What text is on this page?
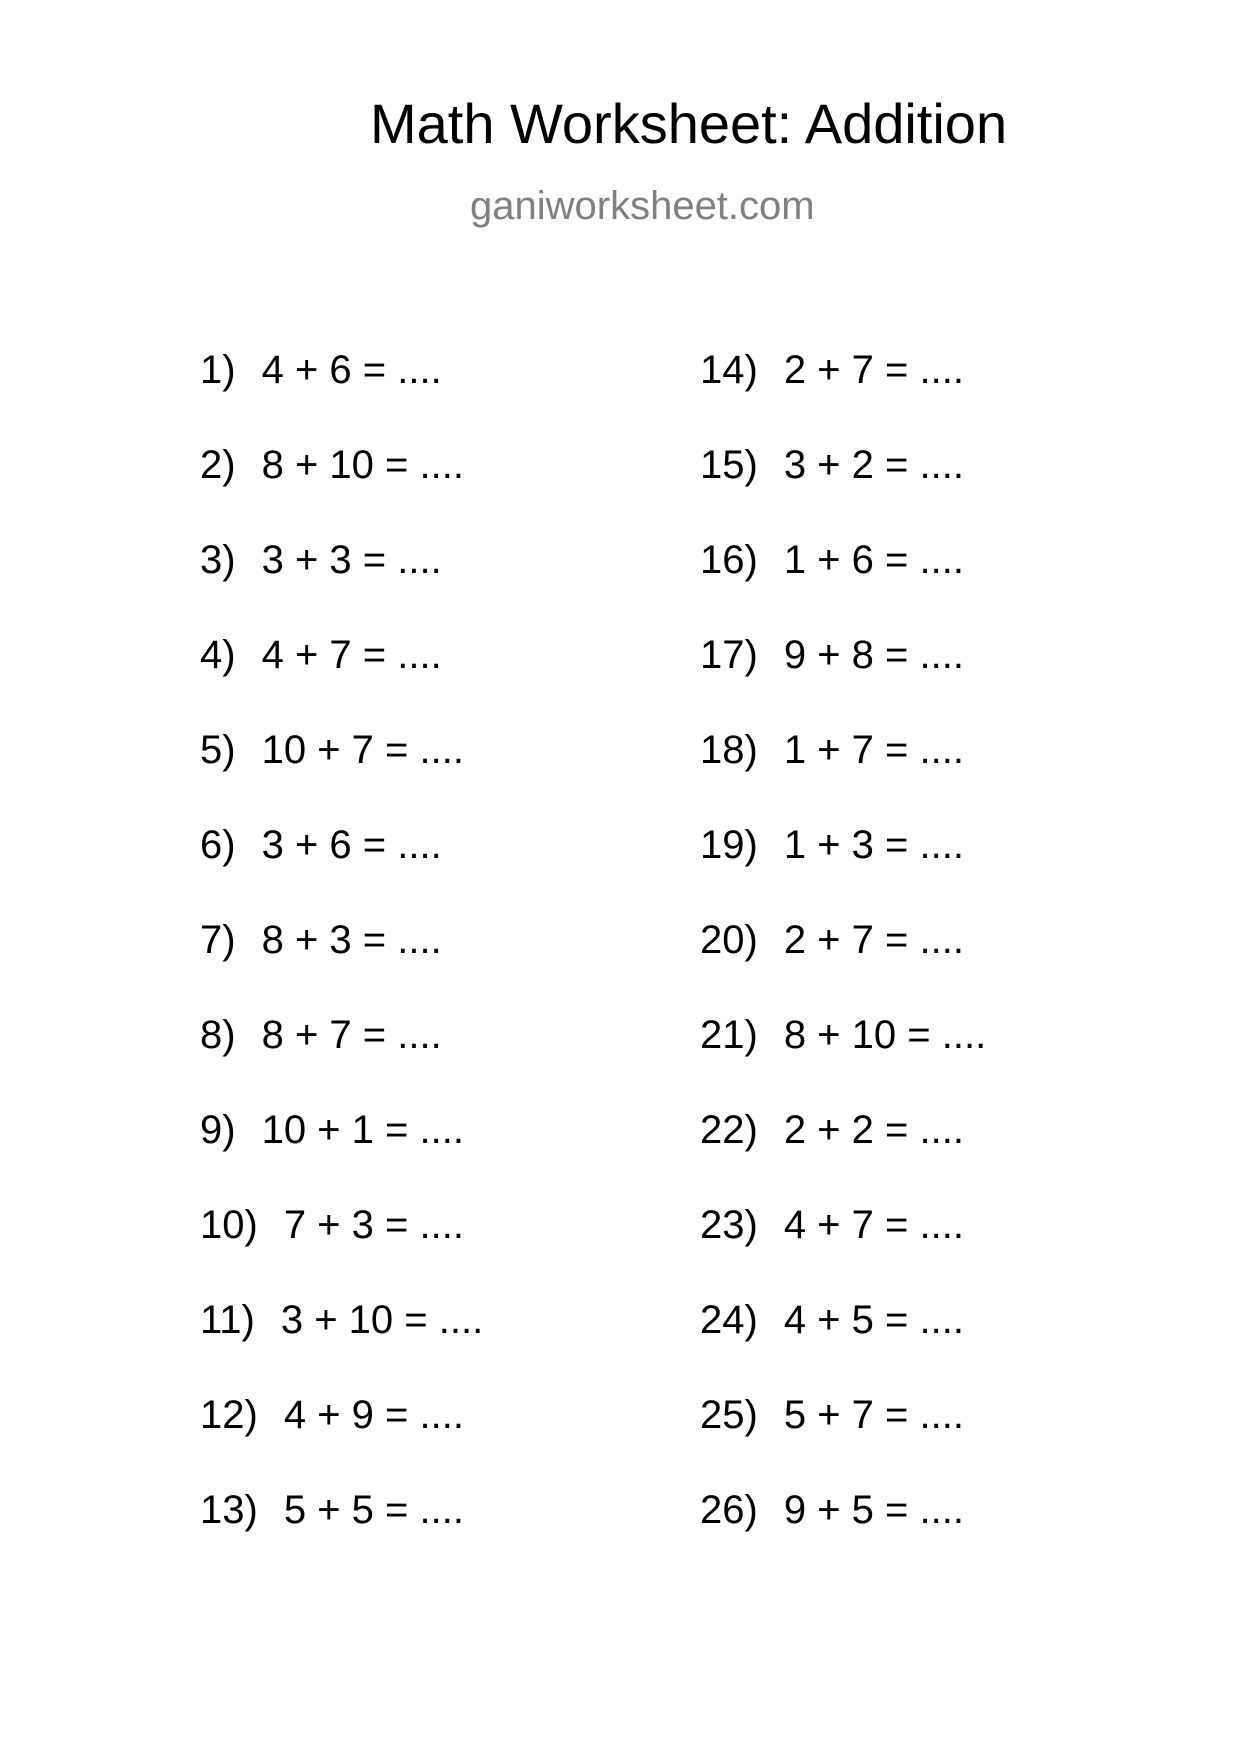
Math Worksheet: Addition
ganiworksheet.com
1) 4 + 6 = ....
2) 8 + 10 = ....
3) 3 + 3 = ....
4) 4 + 7 = ....
5) 10 + 7 = ....
6) 3 + 6 = ....
7) 8 + 3 = ....
8) 8 + 7 = ....
9) 10 + 1 = ....
10) 7 + 3 = ....
11) 3 + 10 = ....
12) 4 + 9 = ....
13) 5 + 5 = ....
14) 2 + 7 = ....
15) 3 + 2 = ....
16) 1 + 6 = ....
17) 9 + 8 = ....
18) 1 + 7 = ....
19) 1 + 3 = ....
20) 2 + 7 = ....
21) 8 + 10 = ....
22) 2 + 2 = ....
23) 4 + 7 = ....
24) 4 + 5 = ....
25) 5 + 7 = ....
26) 9 + 5 = ....
